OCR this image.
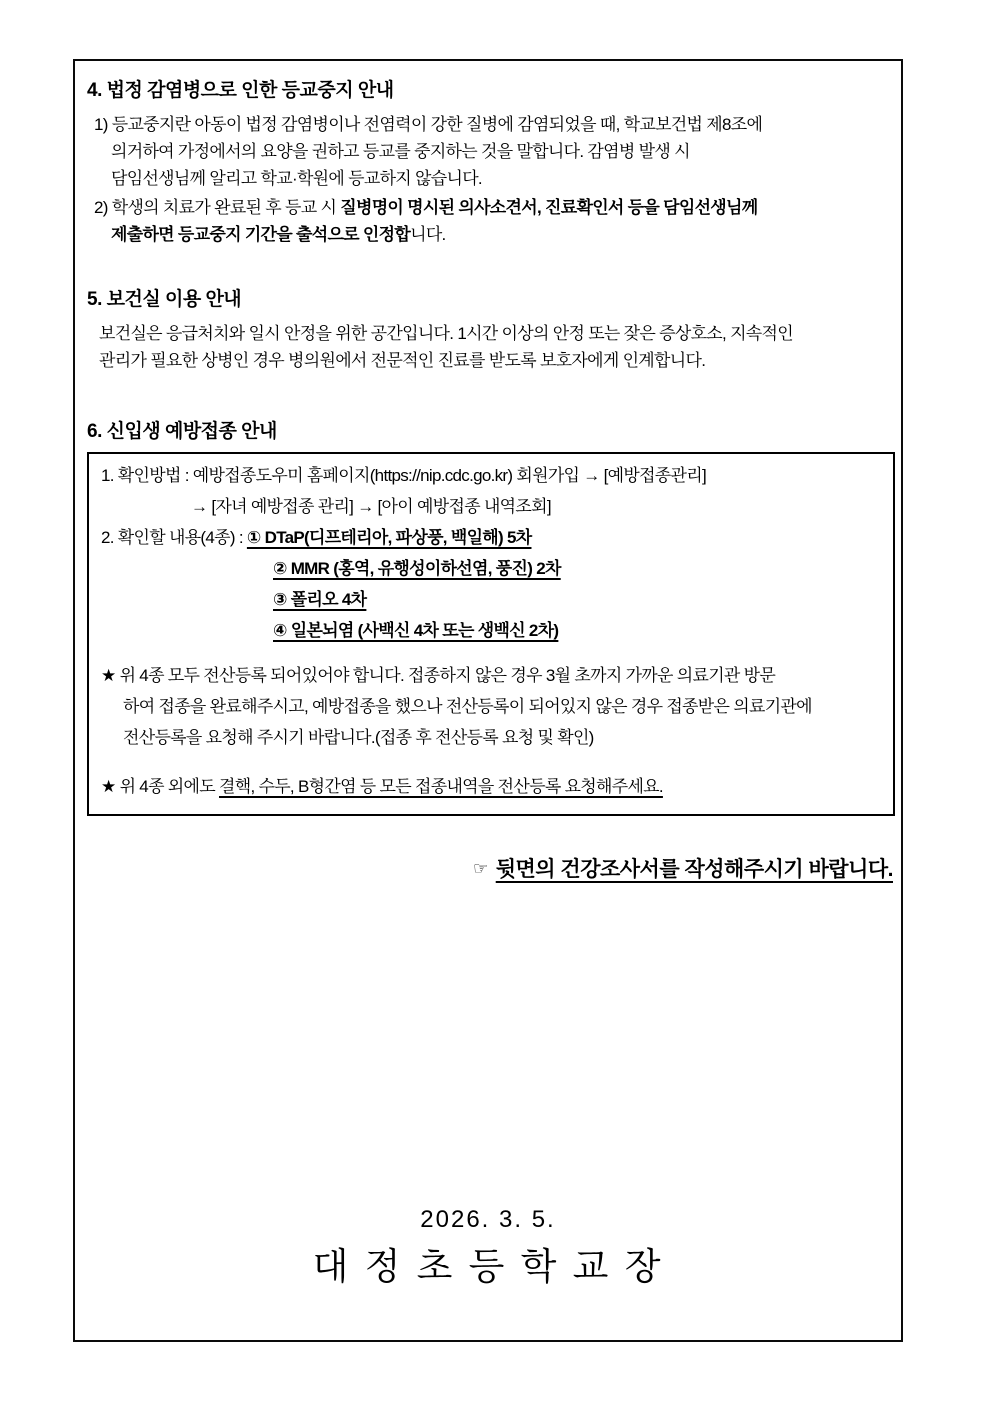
4. 법정 감염병으로 인한 등교중지 안내
1) 등교중지란 아동이 법정 감염병이나 전염력이 강한 질병에 감염되었을 때, 학교보건법 제8조에
의거하여 가정에서의 요양을 권하고 등교를 중지하는 것을 말합니다. 감염병 발생 시
담임선생님께 알리고 학교·학원에 등교하지 않습니다.
2) 학생의 치료가 완료된 후 등교 시 질병명이 명시된 의사소견서, 진료확인서 등을 담임선생님께
제출하면 등교중지 기간을 출석으로 인정합니다.
5. 보건실 이용 안내
보건실은 응급처치와 일시 안정을 위한 공간입니다. 1시간 이상의 안정 또는 잦은 증상호소, 지속적인
관리가 필요한 상병인 경우 병의원에서 전문적인 진료를 받도록 보호자에게 인계합니다.
6. 신입생 예방접종 안내
1. 확인방법 : 예방접종도우미 홈페이지(https://nip.cdc.go.kr) 회원가입 → [예방접종관리]
→ [자녀 예방접종 관리] → [아이 예방접종 내역조회]
2. 확인할 내용(4종) : ① DTaP(디프테리아, 파상풍, 백일해) 5차
② MMR (홍역, 유행성이하선염, 풍진) 2차
③ 폴리오 4차
④ 일본뇌염 (사백신 4차 또는 생백신 2차)
★ 위 4종 모두 전산등록 되어있어야 합니다. 접종하지 않은 경우 3월 초까지 가까운 의료기관 방문
하여 접종을 완료해주시고, 예방접종을 했으나 전산등록이 되어있지 않은 경우 접종받은 의료기관에
전산등록을 요청해 주시기 바랍니다.(접종 후 전산등록 요청 및 확인)
★ 위 4종 외에도 결핵, 수두, B형간염 등 모든 접종내역을 전산등록 요청해주세요.
☞ 뒷면의 건강조사서를 작성해주시기 바랍니다.
2026. 3. 5.
대 정 초 등 학 교 장
